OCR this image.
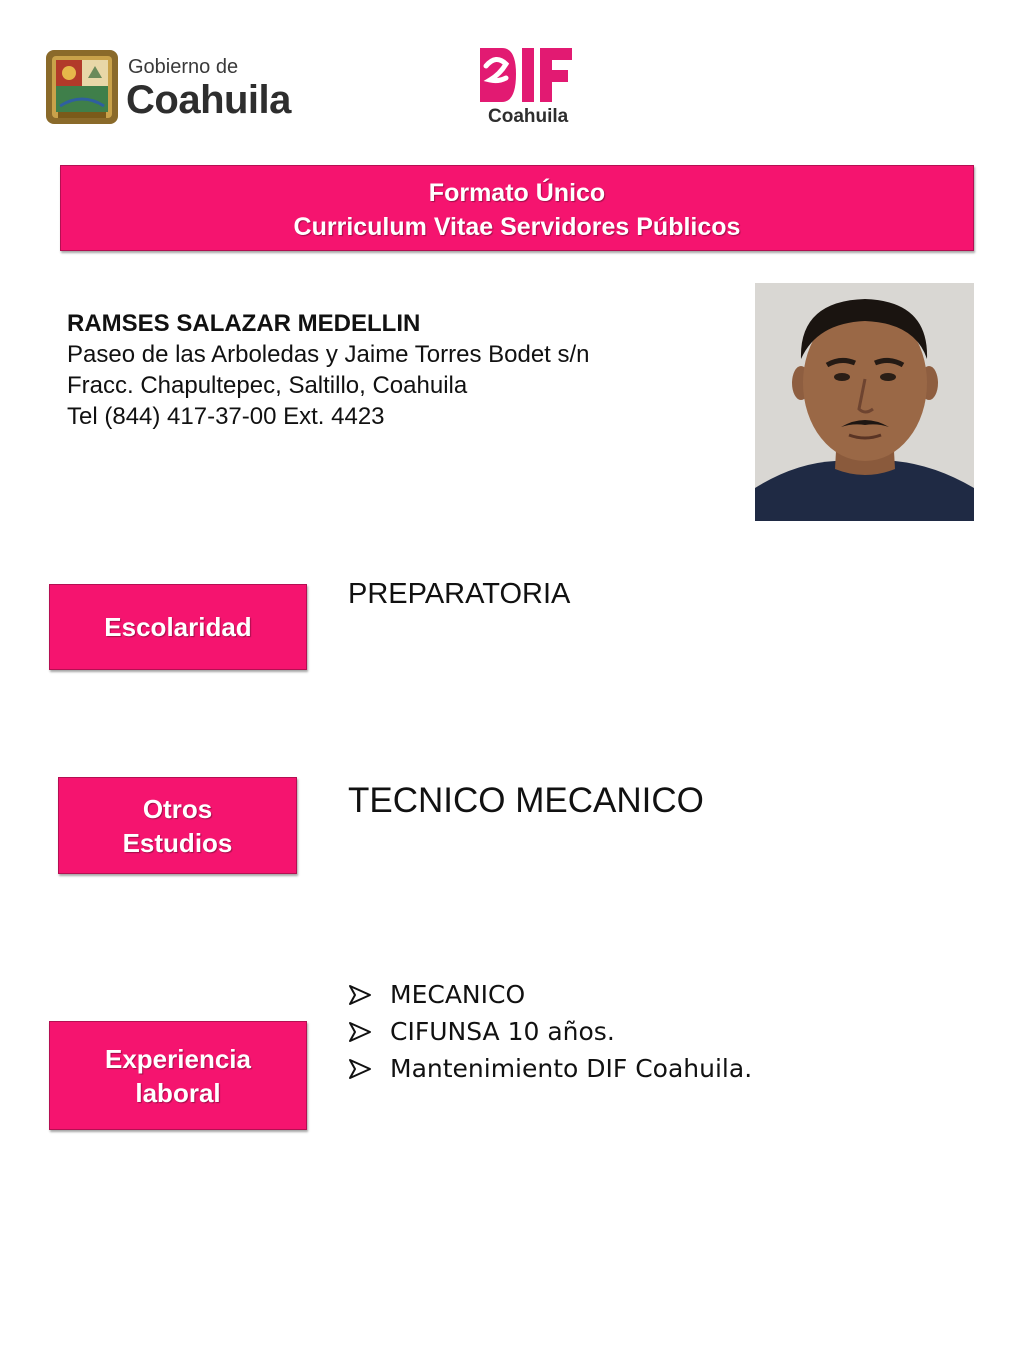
Gobierno de
Coahuila	Coahuila
Formato Único
Curriculum Vitae Servidores Públicos
RAMSES SALAZAR MEDELLIN
Paseo de las Arboledas y Jaime Torres Bodet s/n
Fracc. Chapultepec, Saltillo, Coahuila
Tel (844) 417-37-00 Ext. 4423
Escolaridad
PREPARATORIA
Otros
Estudios
TECNICO MECANICO
Experiencia
laboral
MECANICO
CIFUNSA 10 años.
Mantenimiento DIF Coahuila.
